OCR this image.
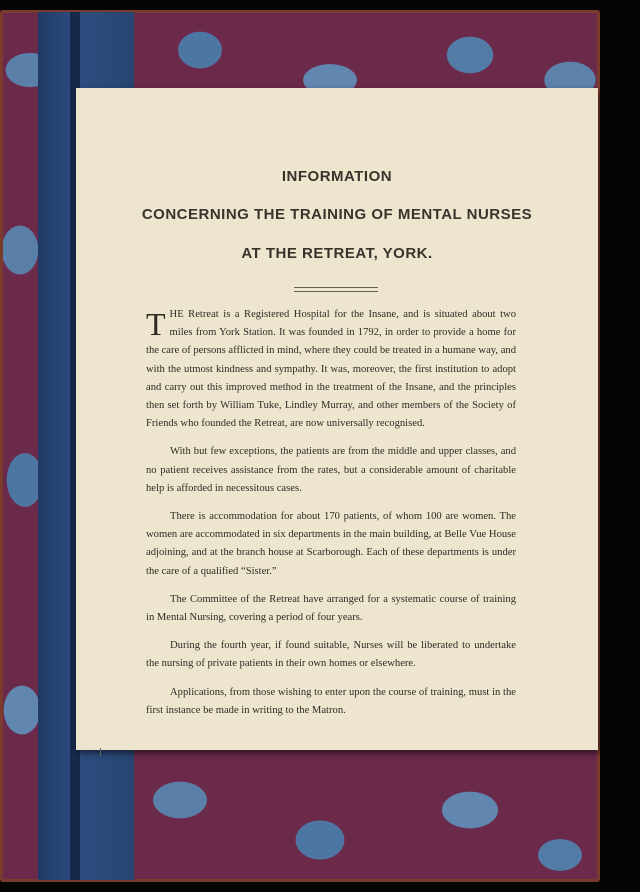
INFORMATION
CONCERNING THE TRAINING OF MENTAL NURSES
AT THE RETREAT, YORK.

THE Retreat is a Registered Hospital for the Insane, and is situated about two miles from York Station. It was founded in 1792, in order to provide a home for the care of persons afflicted in mind, where they could be treated in a humane way, and with the utmost kindness and sympathy. It was, moreover, the first institution to adopt and carry out this improved method in the treatment of the Insane, and the principles then set forth by William Tuke, Lindley Murray, and other members of the Society of Friends who founded the Retreat, are now universally recognised.

With but few exceptions, the patients are from the middle and upper classes, and no patient receives assistance from the rates, but a considerable amount of charitable help is afforded in necessitous cases.

There is accommodation for about 170 patients, of whom 100 are women. The women are accommodated in six departments in the main building, at Belle Vue House adjoining, and at the branch house at Scarborough. Each of these departments is under the care of a qualified “Sister.”

The Committee of the Retreat have arranged for a systematic course of training in Mental Nursing, covering a period of four years.

During the fourth year, if found suitable, Nurses will be liberated to undertake the nursing of private patients in their own homes or elsewhere.

Applications, from those wishing to enter upon the course of training, must in the first instance be made in writing to the Matron.
